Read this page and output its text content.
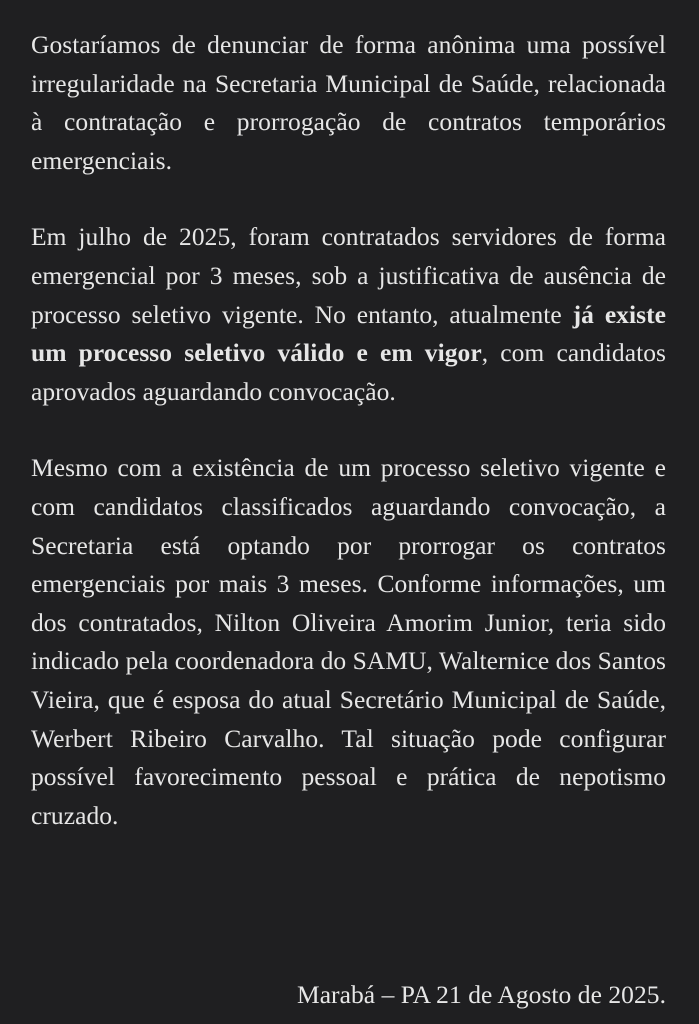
Gostaríamos de denunciar de forma anônima uma possível irregularidade na Secretaria Municipal de Saúde, relacionada à contratação e prorrogação de contratos temporários emergenciais.

Em julho de 2025, foram contratados servidores de forma emergencial por 3 meses, sob a justificativa de ausência de processo seletivo vigente. No entanto, atualmente já existe um processo seletivo válido e em vigor, com candidatos aprovados aguardando convocação.

Mesmo com a existência de um processo seletivo vigente e com candidatos classificados aguardando convocação, a Secretaria está optando por prorrogar os contratos emergenciais por mais 3 meses. Conforme informações, um dos contratados, Nilton Oliveira Amorim Junior, teria sido indicado pela coordenadora do SAMU, Walternice dos Santos Vieira, que é esposa do atual Secretário Municipal de Saúde, Werbert Ribeiro Carvalho. Tal situação pode configurar possível favorecimento pessoal e prática de nepotismo cruzado.

Marabá – PA 21 de Agosto de 2025.
